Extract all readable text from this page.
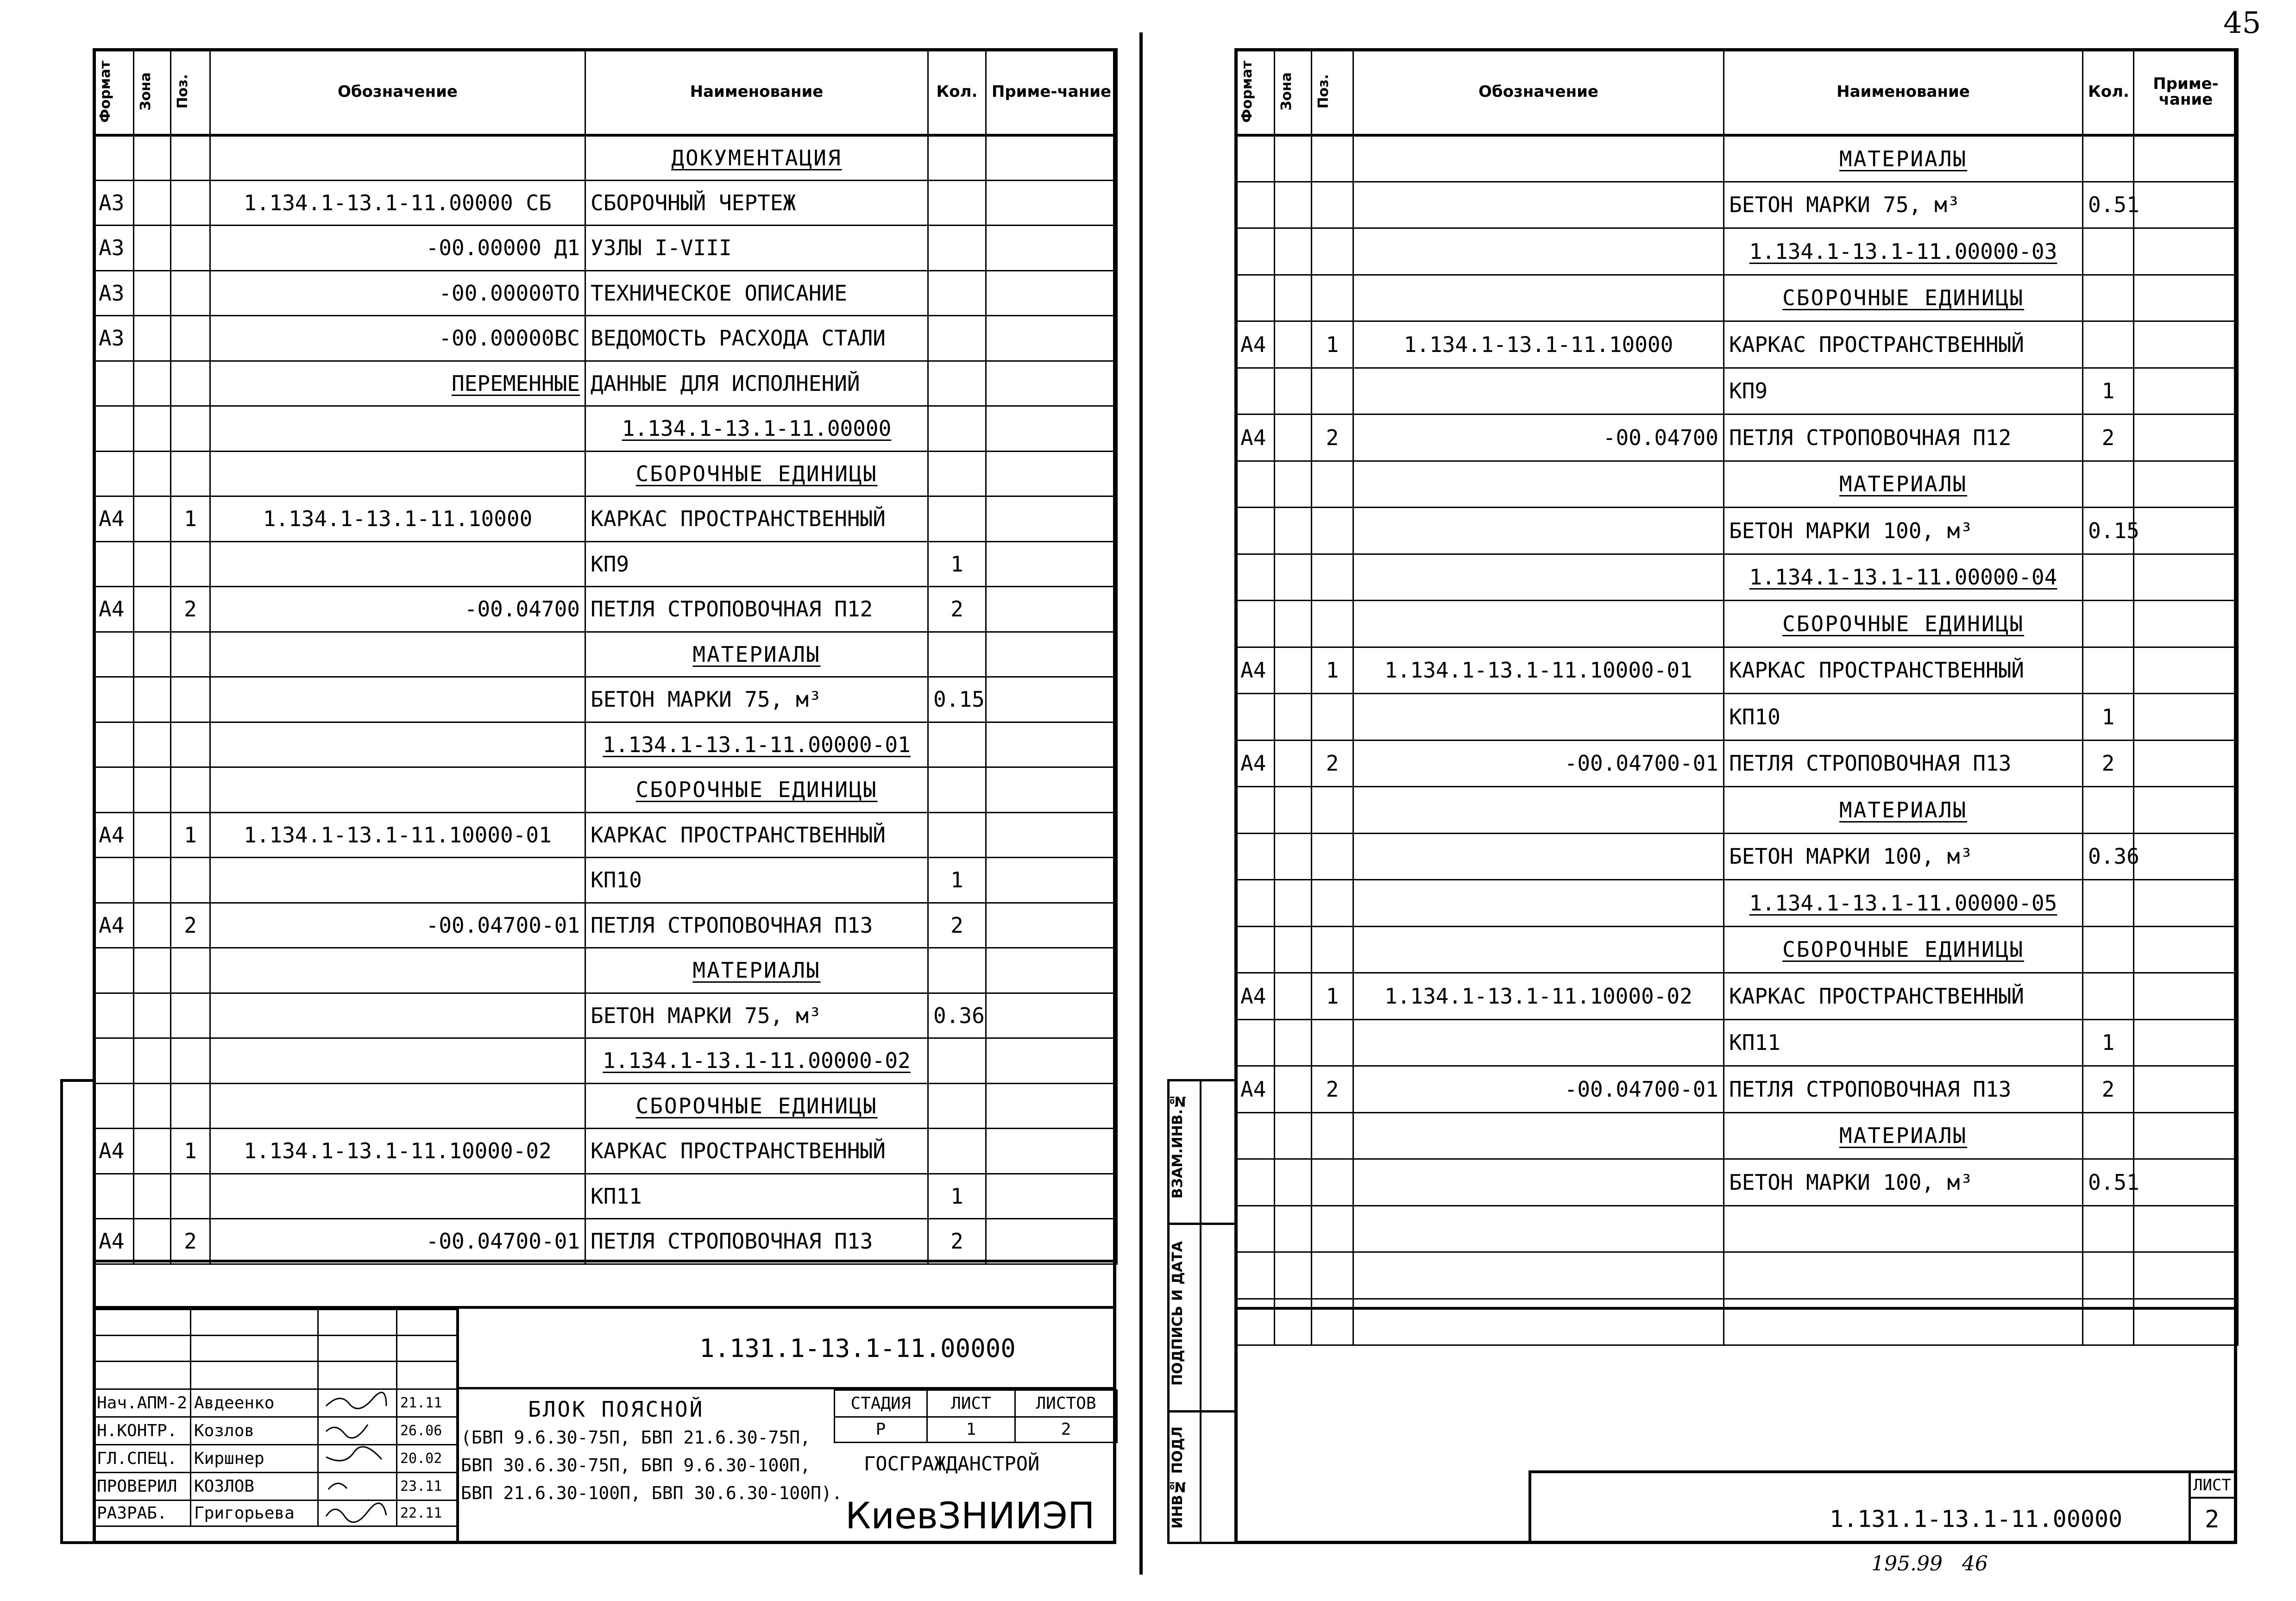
45
Формат	Зона	Поз.	Обозначение	Наименование	Кол.	Приме-чание
				ДОКУМЕНТАЦИЯ		
А3			1.134.1-13.1-11.00000 СБ	СБОРОЧНЫЙ ЧЕРТЕЖ		
А3			-00.00000 Д1	УЗЛЫ I-VIII		
А3			-00.00000ТО	ТЕХНИЧЕСКОЕ ОПИСАНИЕ		
А3			-00.00000ВС	ВЕДОМОСТЬ РАСХОДА СТАЛИ		
			ПЕРЕМЕННЫЕ	ДАННЫЕ ДЛЯ ИСПОЛНЕНИЙ		
				1.134.1-13.1-11.00000		
				СБОРОЧНЫЕ ЕДИНИЦЫ		
А4		1	1.134.1-13.1-11.10000	КАРКАС ПРОСТРАНСТВЕННЫЙ		
				КП9	1	
А4		2	-00.04700	ПЕТЛЯ СТРОПОВОЧНАЯ П12	2	
				МАТЕРИАЛЫ		
				БЕТОН МАРКИ 75, м³	0.15	
				1.134.1-13.1-11.00000-01		
				СБОРОЧНЫЕ ЕДИНИЦЫ		
А4		1	1.134.1-13.1-11.10000-01	КАРКАС ПРОСТРАНСТВЕННЫЙ		
				КП10	1	
А4		2	-00.04700-01	ПЕТЛЯ СТРОПОВОЧНАЯ П13	2	
				МАТЕРИАЛЫ		
				БЕТОН МАРКИ 75, м³	0.36	
				1.134.1-13.1-11.00000-02		
				СБОРОЧНЫЕ ЕДИНИЦЫ		
А4		1	1.134.1-13.1-11.10000-02	КАРКАС ПРОСТРАНСТВЕННЫЙ		
				КП11	1	
А4		2	-00.04700-01	ПЕТЛЯ СТРОПОВОЧНАЯ П13	2	
1.131.1-13.1-11.00000

Нач.АПМ-2	Авдеенко		21.11
Н.КОНТР.	Козлов		26.06
ГЛ.СПЕЦ.	Киршнер		20.02
ПРОВЕРИЛ	КОЗЛОВ		23.11
РАЗРАБ.	Григорьева		22.11
БЛОК ПОЯСНОЙ
(БВП 9.6.30-75П, БВП 21.6.30-75П,
БВП 30.6.30-75П, БВП 9.6.30-100П,
БВП 21.6.30-100П, БВП 30.6.30-100П).
СТАДИЯ	ЛИСТ	ЛИСТОВ
Р	1	2
ГОСГРАЖДАНСТРОЙ
КиевЗНИИЭП
Формат	Зона	Поз.	Обозначение	Наименование	Кол.	Приме-чание
				МАТЕРИАЛЫ		
				БЕТОН МАРКИ 75, м³	0.51	
				1.134.1-13.1-11.00000-03		
				СБОРОЧНЫЕ ЕДИНИЦЫ		
А4		1	1.134.1-13.1-11.10000	КАРКАС ПРОСТРАНСТВЕННЫЙ		
				КП9	1	
А4		2	-00.04700	ПЕТЛЯ СТРОПОВОЧНАЯ П12	2	
				МАТЕРИАЛЫ		
				БЕТОН МАРКИ 100, м³	0.15	
				1.134.1-13.1-11.00000-04		
				СБОРОЧНЫЕ ЕДИНИЦЫ		
А4		1	1.134.1-13.1-11.10000-01	КАРКАС ПРОСТРАНСТВЕННЫЙ		
				КП10	1	
А4		2	-00.04700-01	ПЕТЛЯ СТРОПОВОЧНАЯ П13	2	
				МАТЕРИАЛЫ		
				БЕТОН МАРКИ 100, м³	0.36	
				1.134.1-13.1-11.00000-05		
				СБОРОЧНЫЕ ЕДИНИЦЫ		
А4		1	1.134.1-13.1-11.10000-02	КАРКАС ПРОСТРАНСТВЕННЫЙ		
				КП11	1	
А4		2	-00.04700-01	ПЕТЛЯ СТРОПОВОЧНАЯ П13	2	
				МАТЕРИАЛЫ		
				БЕТОН МАРКИ 100, м³	0.51	

ЛИСТ
2
1.131.1-13.1-11.00000
ВЗАМ.ИНВ.№
ПОДПИСЬ И ДАТА
ИНВ№ ПОДЛ
195.99   46
